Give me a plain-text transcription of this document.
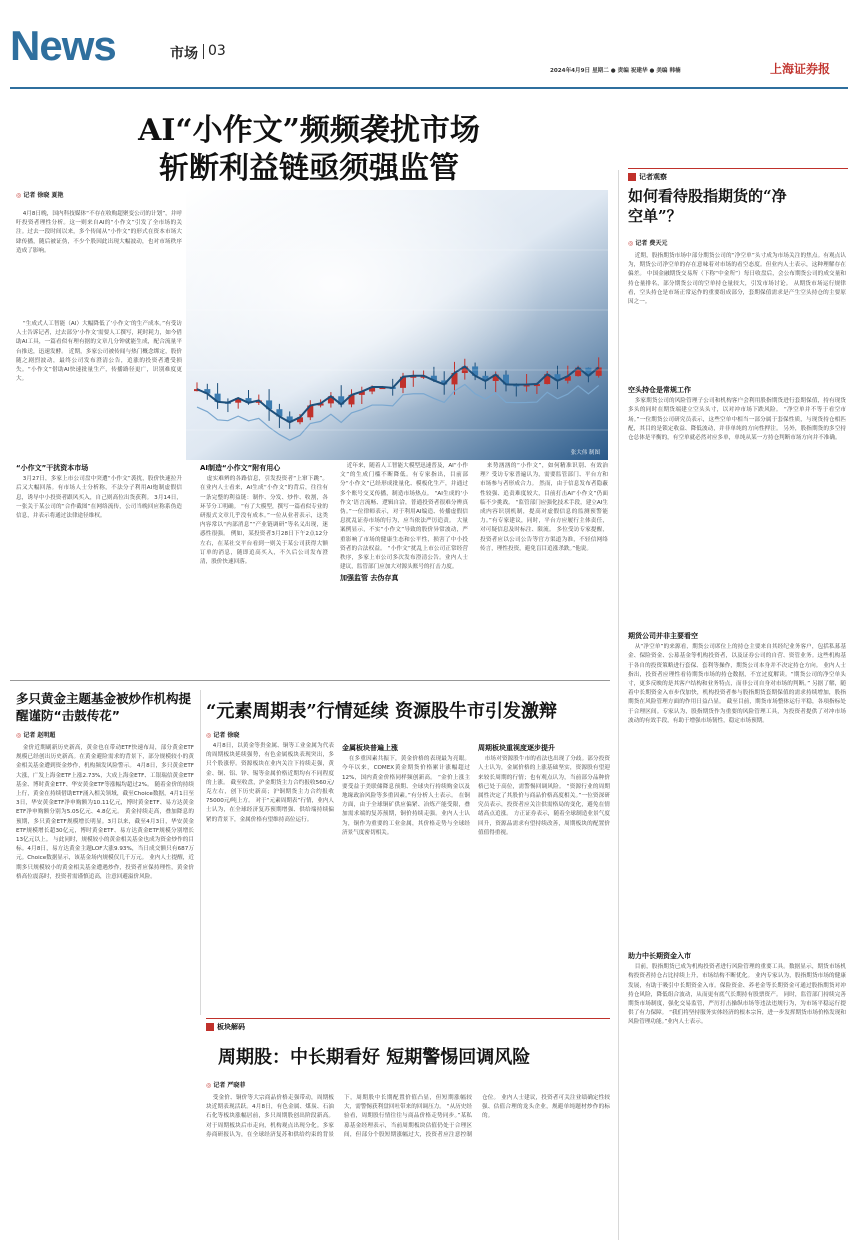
News	市场 03
2024年4月9日 星期二 ● 责编 祝建华 ● 美编 韩楠	上海证券报
AI“小作文”频频袭扰市场
斩断利益链亟须强监管
◎ 记者 徐晓 夏艳

4月8日晚，国内科技媒体“不存在收购超聚变公司的计划”，并呼吁投资者理性分析。这一则来自AI的“小作文”引发了全市场的关注。过去一段时间以来，多个传闻从“小作文”的形式在资本市场大肆传播，随后被证伪，不少个股因此出现大幅波动，也对市场秩序造成了影响。

张大伟 制图

“生成式人工智能（AI）大幅降低了‘小作文’的生产成本。”有受访人士告诉记者，过去部分‘小作文’需要人工撰写，耗时耗力，如今借助AI工具，一篇看似有理有据的文章几分钟就能生成，配合流量平台推送，迅速发酵。 近期，多家公司被传闻与热门概念绑定，股价随之剧烈波动，最终公司发布澄清公告，追涨的投资者遭受损失。“小作文”借助AI快速批量生产，传播路径更广，识别难度更大。

“小作文”干扰资本市场

3月27日，多家上市公司盘中突遭“小作文”袭扰，股价快速拉升后又大幅回落。有市场人士分析称，不法分子利用AI炮制虚假信息，诱导中小投资者跟风买入，自己则高位出货获利。 3月14日，一张关于某公司的“合作截图”在网络流传，公司当晚回应称系伪造信息，并表示将通过法律途径维权。

AI制造“小作文”附有用心

虚实难辨的各路信息，引发投资者“上窜下跳”。在业内人士看来，AI生成“小作文”的背后，往往有一条完整的利益链：制作、分发、炒作、收割，各环节分工明确。 “有了大模型，撰写一篇看似专业的研报式文章几乎没有成本。”一位从业者表示，这类内容常以“内部消息”“产业链调研”等名义出现，迷惑性很强。 例如，某投资者3月28日下午2点12分左右，在某社交平台看到一则关于某公司获得大额订单的消息，随即追高买入，不久后公司发布澄清，股价快速回落。

近年来，随着人工智能大模型迅速普及，AI“小作文”的生成门槛不断降低。有专家指出，目前部分“小作文”已经形成批量化、模板化生产，并通过多个账号交叉传播，制造市场热点。 “AI生成的‘小作文’语言流畅、逻辑自洽，普通投资者很难分辨真伪。”一位律师表示，对于利用AI编造、传播虚假信息扰乱证券市场的行为，应当依法严厉追责。 大量案例显示，不实“小作文”导致的股价异常波动，严重影响了市场的健康生态和公平性，损害了中小投资者的合法权益。 “小作文”扰乱上市公司正常经营秩序，多家上市公司多次发布澄清公告。业内人士建议，监管部门应加大对源头账号的打击力度。

加强监管 去伪存真

来势汹汹的“小作文”，如何精准识别、有效治理？受访专家普遍认为，需要监管部门、平台方和市场参与者形成合力。 然而，由于信息发布者隐蔽性较强、追责难度较大，目前打击AI“小作文”仍面临不少挑战。 “监管部门应强化技术手段，建立AI生成内容识别机制，提高对虚假信息的监测预警能力。”有专家建议，同时，平台方应履行主体责任，对可疑信息及时标注、限流。 多位受访专家提醒，投资者应以公司公告等官方渠道为准，不轻信网络传言，理性投资，避免盲目追涨杀跌。”他说。

记者观察
如何看待股指期货的“净空单”？
◎ 记者 费天元

近期，股指期货市场中部分期货公司的“净空单”头寸成为市场关注的焦点。有观点认为，期货公司净空单的存在意味着对市场的看空态度。但业内人士表示，这种理解存在偏差。 中国金融期货交易所（下称“中金所”）每日收盘后，会公布期货公司的成交量和持仓量排名，部分期货公司的空单持仓量较大，引发市场讨论。 从期货市场运行规律看，空头持仓是市场正常运作的重要组成部分，套期保值需求是产生空头持仓的主要原因之一。

空头持仓是常规工作

多家期货公司的风险管理子公司和机构客户会利用股指期货进行套期保值，持有现货多头的同时在期货端建立空头头寸，以对冲市场下跌风险。 “净空单并不等于看空市场。”一位期货公司研究员表示，这些空单中相当一部分属于套保性质，与现货持仓相匹配，其目的是锁定收益、降低波动，并非单纯的方向性押注。 另外，股指期货的多空持仓总体是平衡的，有空单就必然对应多单，单纯从某一方持仓判断市场方向并不准确。

期货公司并非主要看空

从“净空单”的来源看，期货公司席位上的持仓主要来自其经纪业务客户，包括私募基金、保险资金、公募基金等机构投资者，以及证券公司的自营、资管业务。这些机构基于各自的投资策略进行套保、套利等操作，期货公司本身并不决定持仓方向。 业内人士指出，投资者应理性看待期货市场的持仓数据，不宜过度解读。“期货公司的净空单头寸，更多反映的是其客户结构和业务特点，而非公司自身对市场的判断。” 另据了解，随着中长期资金入市步伐加快，机构投资者参与股指期货套期保值的需求持续增加，股指期货在风险管理方面的作用日益凸显。 截至目前，期货市场整体运行平稳，各项指标处于合理区间。专家认为，股指期货作为重要的风险管理工具，为投资者提供了对冲市场波动的有效手段，有助于增强市场韧性，稳定市场预期。

助力中长期资金入市

目前，股指期货已成为机构投资者进行风险管理的重要工具。数据显示，期货市场机构投资者持仓占比持续上升，市场结构不断优化。 业内专家认为，股指期货市场的健康发展，有助于吸引中长期资金入市。保险资金、养老金等长期资金可通过股指期货对冲持仓风险，降低组合波动，从而更有底气长期持有股票资产。 同时，监管部门持续完善期货市场制度，强化交易监管，严厉打击操纵市场等违法违规行为，为市场平稳运行提供了有力保障。 “我们将坚持服务实体经济的根本宗旨，进一步发挥期货市场价格发现和风险管理功能。”业内人士表示。

多只黄金主题基金被炒作机构提醒谨防“击鼓传花”
◎ 记者 赵明超

金价近期刷新历史新高，黄金也在带动ETF快速布局，部分黄金ETF规模已经创出历史新高。在黄金避险需求的背景下，部分规模较小的黄金相关基金遭到资金炒作，机构频发风险警示。 4月8日，多只黄金ETF大涨，广发上海金ETF上涨2.73%，大成上海金ETF、工银瑞信黄金ETF基金、博时黄金ETF、华安黄金ETF等涨幅均超过2%。 随着金价的持续上行，黄金在持续借助ETF涌入相关领域，截至Choice数据，4月1日至3日，华安黄金ETF净申购额为10.11亿元，博时黄金ETF、易方达黄金ETF净申购额分别为5.05亿元、4.8亿元。 黄金持续走高，叠加降息的预期，多只黄金ETF规模增长明显。3月以来，截至4月3日，华安黄金ETF规模增长超30亿元，博时黄金ETF、易方达黄金ETF规模分别增长13亿元以上。 与此同时，规模较小的黄金相关基金也成为资金炒作的目标。4月8日，易方达黄金主题LOF大涨9.93%，当日成交额只有687万元。Choice数据显示，该基金场内规模仅几千万元。 业内人士提醒，近期多只规模较小的黄金相关基金遭遇炒作，投资者应保持理性，黄金价格高位震荡时，投资者需谨慎追高，注意回避溢价风险。

“元素周期表”行情延续 资源股牛市引发激辩
◎ 记者 徐晓

4月8日，以黄金等贵金属、铜等工业金属为代表的周期板块延续强势，有色金属板块表现突出，多只个股涨停。资源板块在业内关注下持续走强，黄金、铜、铝、锌、锡等金属价格近期均有不同程度的上涨。 截至收盘，沪金期货主力合约报收560元/克左右，创下历史新高；沪铜期货主力合约报收75000元/吨上方。 对于“元素周期表”行情，业内人士认为，在全球经济复苏预期增强、供给端持续偏紧的背景下，金属价格有望维持高位运行。

金属板块普遍上涨

在多重因素共振下，黄金价格的表现最为亮眼。今年以来，COMEX黄金期货价格累计涨幅超过12%，国内黄金价格同样频创新高。 “金价上涨主要受益于美联储降息预期、全球央行持续购金以及地缘政治风险等多重因素。”有分析人士表示。 在铜方面，由于全球铜矿供应偏紧、冶炼产能受限，叠加需求端的复苏预期，铜价持续走强。业内人士认为，铜作为重要的工业金属，其价格走势与全球经济景气度密切相关。

周期板块重视度逐步提升

市场对资源股牛市的看法也出现了分歧。部分投资人士认为，金属价格的上涨基础坚实，资源股有望迎来较长周期的行情；也有观点认为，当前部分品种价格已处于高位，需警惕回调风险。 “资源行业的周期属性决定了其股价与商品价格高度相关。”一位资深研究员表示，投资者应关注供需格局的变化，避免在情绪高点追涨。 方正证券表示，随着全球制造业景气度回升，资源品需求有望持续改善，周期板块的配置价值值得重视。

板块解码
周期股：中长期看好 短期警惕回调风险
◎ 记者 严晓菲

受金价、铜价等大宗商品价格走强带动，周期板块近期表现活跃。4月8日，有色金属、煤炭、石油石化等板块涨幅居前，多只周期股创出阶段新高。 对于周期板块后市走向，机构观点出现分化。多家券商研报认为，在全球经济复苏和供给约束的背景下，周期股中长期配置价值凸显，但短期涨幅较大，需警惕获利盘回吐带来的回调压力。 “从历史经验看，周期股行情往往与商品价格走势同步。”某私募基金经理表示，当前周期板块估值仍处于合理区间，但部分个股短期涨幅过大，投资者应注意控制仓位。 业内人士建议，投资者可关注业绩确定性较强、估值合理的龙头企业，规避单纯题材炒作的标的。
